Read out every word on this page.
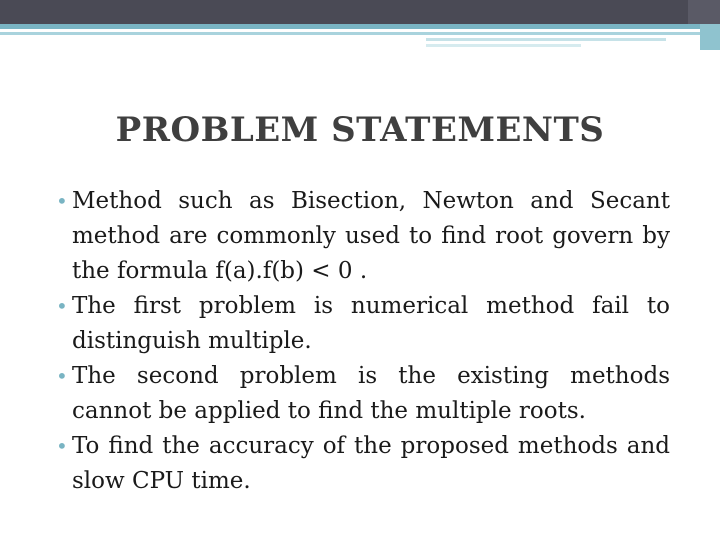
PROBLEM STATEMENTS
• Method such as Bisection, Newton and Secant method are commonly used to find root govern by the formula f(a).f(b) < 0 .
• The first problem is numerical method fail to distinguish multiple.
• The second problem is the existing methods cannot be applied to find the multiple roots.
• To find the accuracy of the proposed methods and slow CPU time.
